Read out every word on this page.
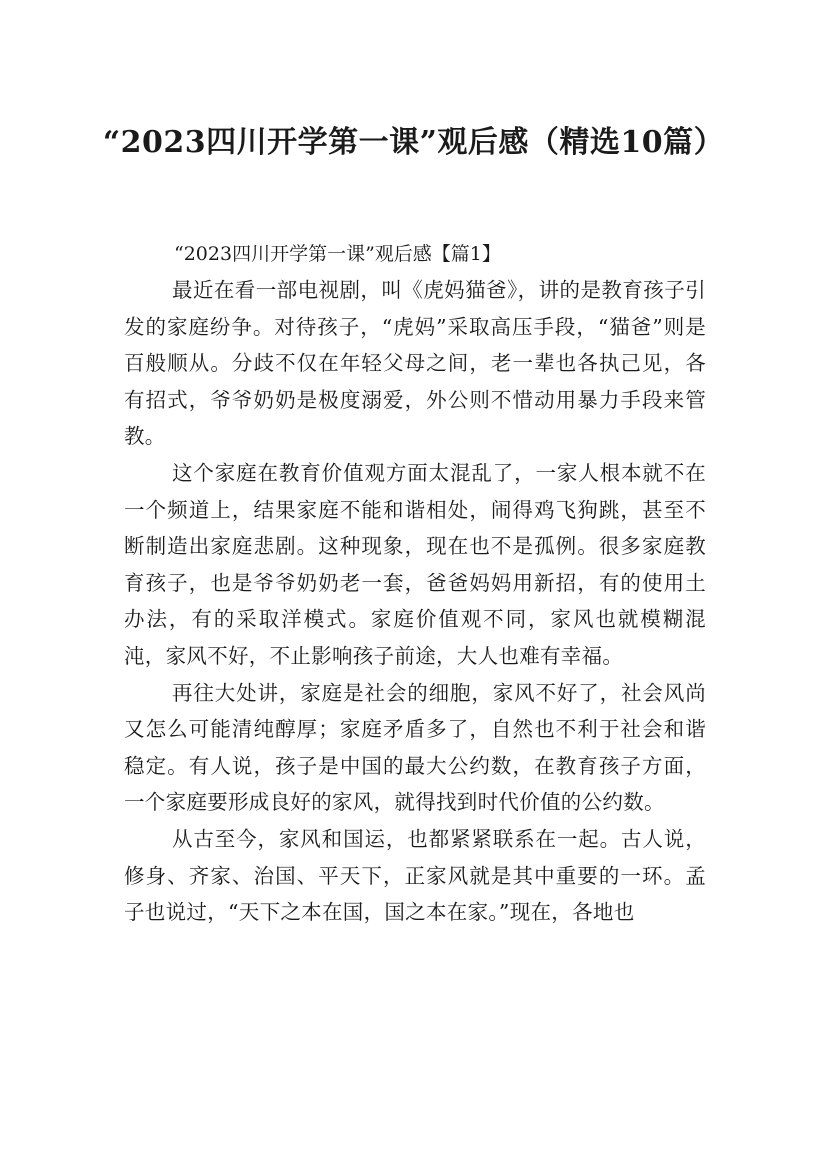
“2023四川开学第一课”观后感（精选10篇）

“2023四川开学第一课”观后感【篇1】

最近在看一部电视剧，叫《虎妈猫爸》，讲的是教育孩子引发的家庭纷争。对待孩子，“虎妈”采取高压手段，“猫爸”则是百般顺从。分歧不仅在年轻父母之间，老一辈也各执己见，各有招式，爷爷奶奶是极度溺爱，外公则不惜动用暴力手段来管教。

这个家庭在教育价值观方面太混乱了，一家人根本就不在一个频道上，结果家庭不能和谐相处，闹得鸡飞狗跳，甚至不断制造出家庭悲剧。这种现象，现在也不是孤例。很多家庭教育孩子，也是爷爷奶奶老一套，爸爸妈妈用新招，有的使用土办法，有的采取洋模式。家庭价值观不同，家风也就模糊混沌，家风不好，不止影响孩子前途，大人也难有幸福。

再往大处讲，家庭是社会的细胞，家风不好了，社会风尚又怎么可能清纯醇厚；家庭矛盾多了，自然也不利于社会和谐稳定。有人说，孩子是中国的最大公约数，在教育孩子方面，一个家庭要形成良好的家风，就得找到时代价值的公约数。

从古至今，家风和国运，也都紧紧联系在一起。古人说，修身、齐家、治国、平天下，正家风就是其中重要的一环。孟子也说过，“天下之本在国，国之本在家。”现在，各地也
